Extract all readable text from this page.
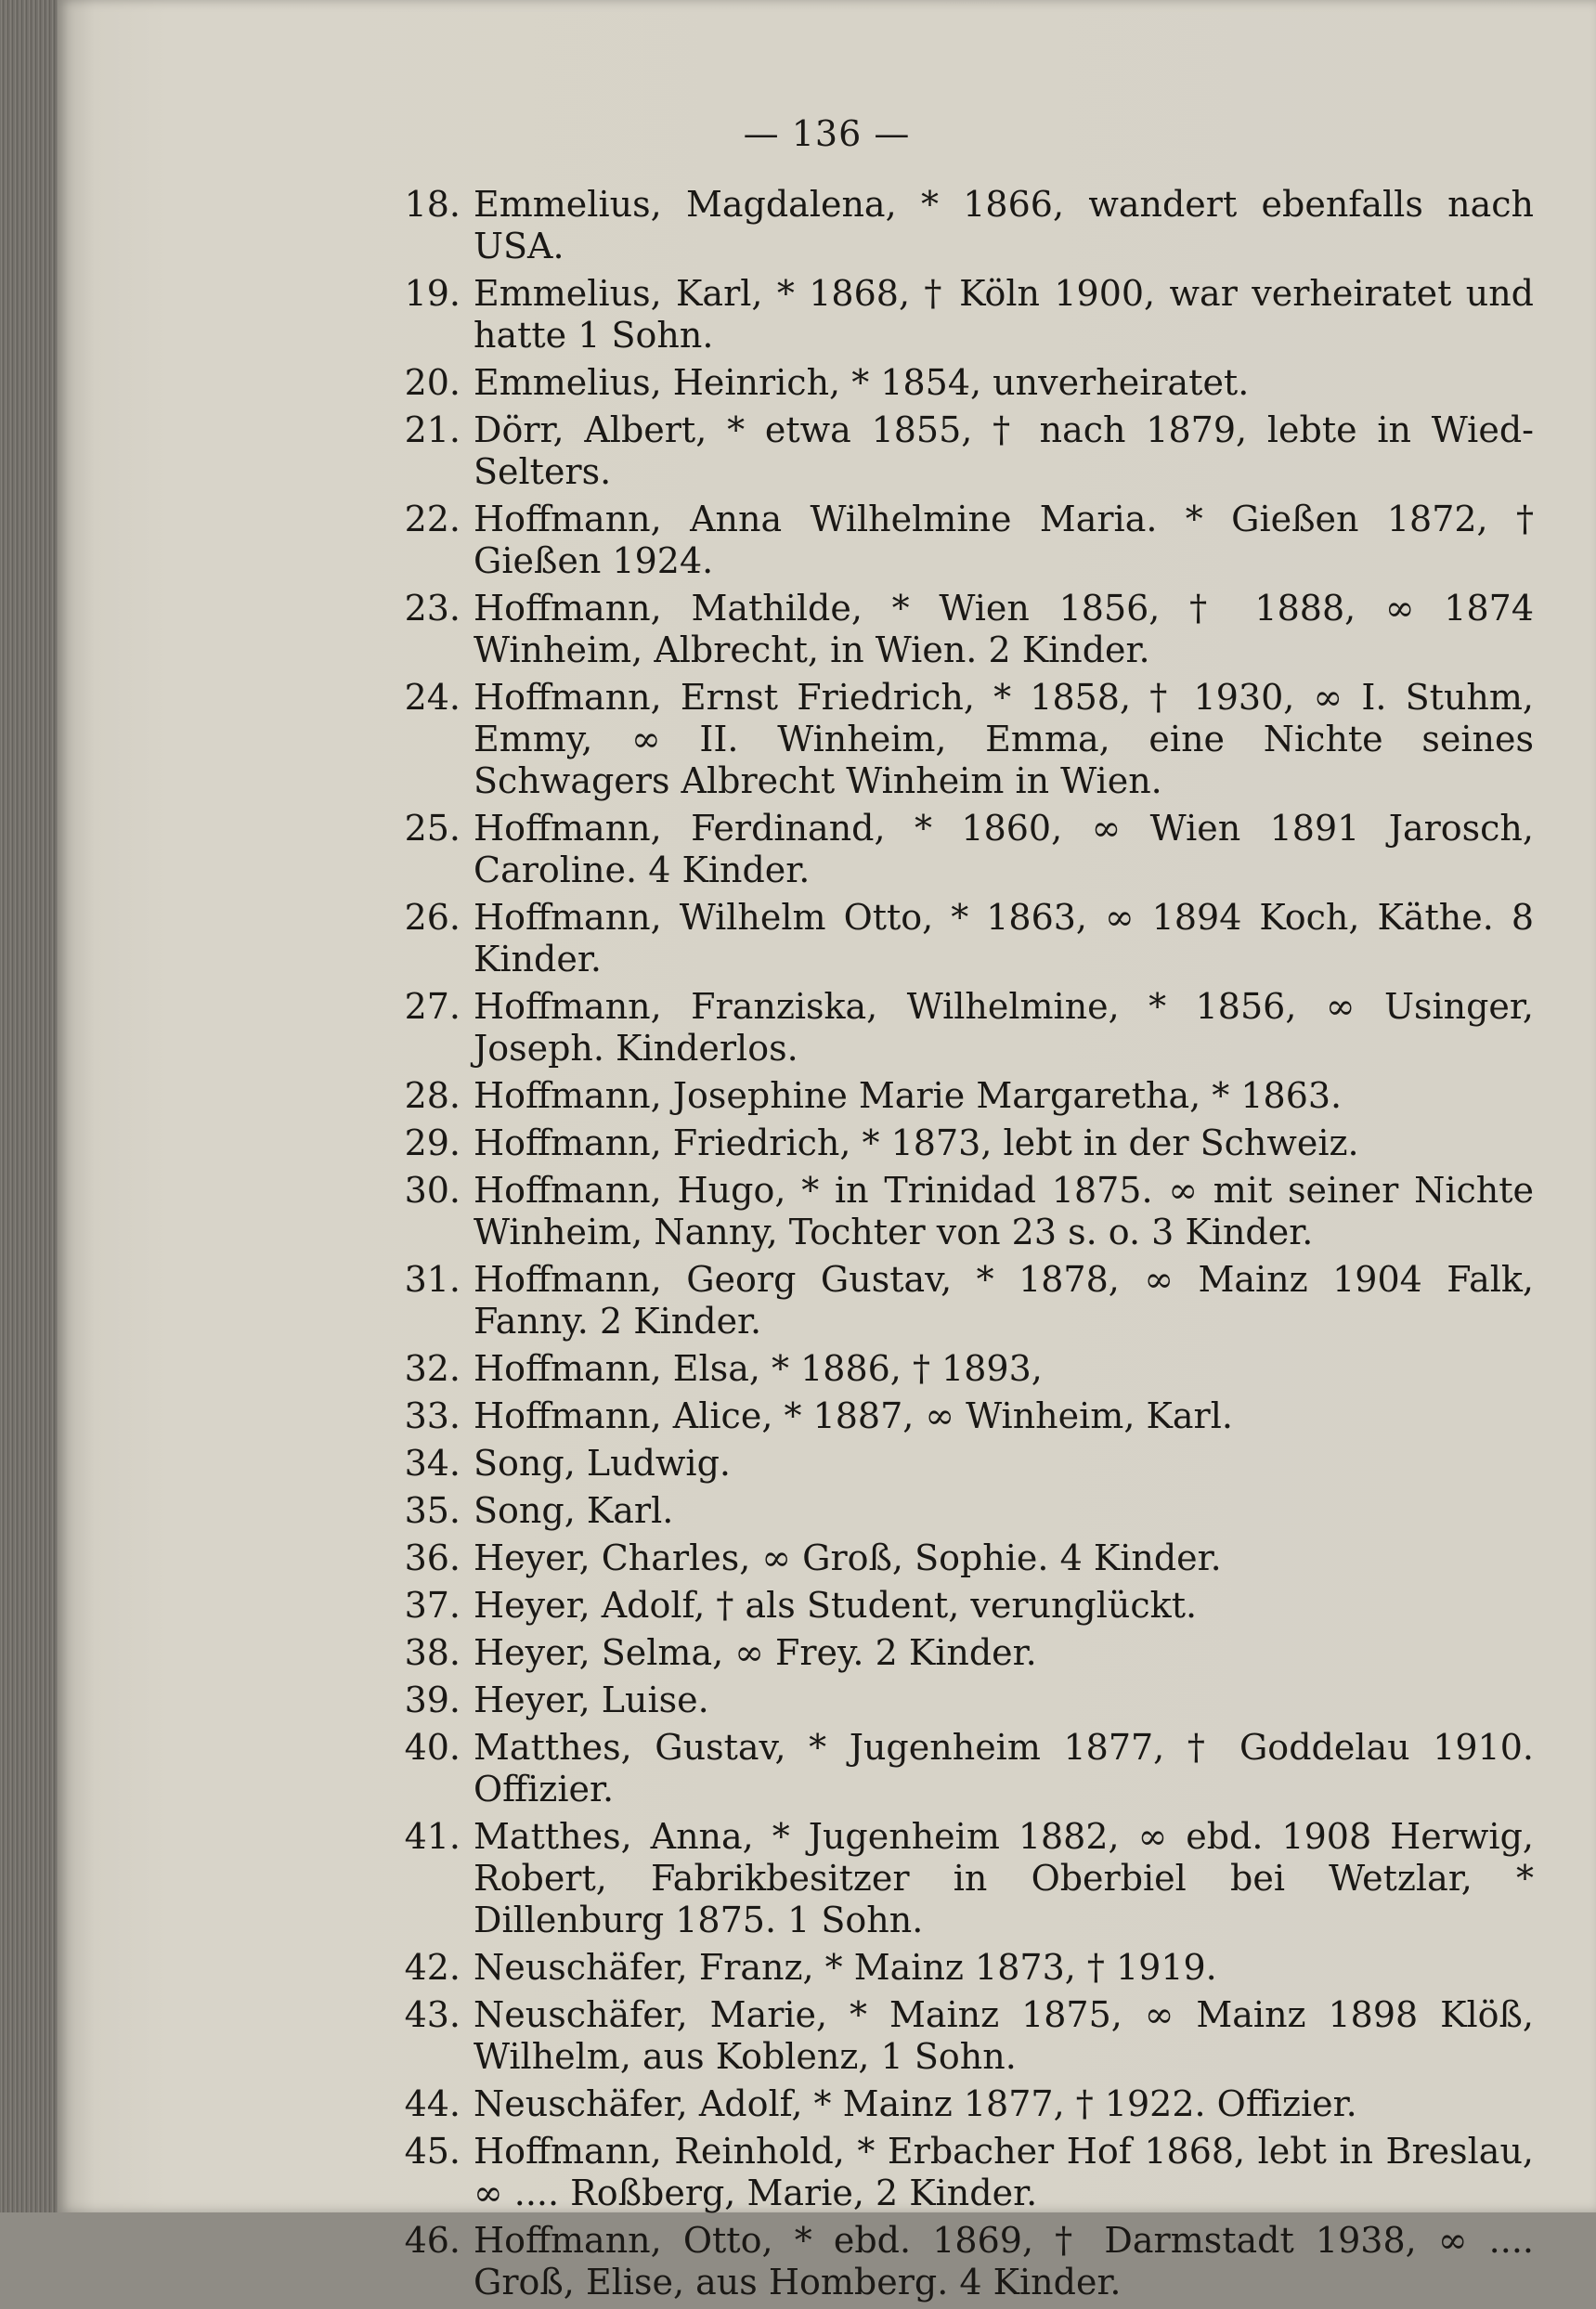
— 136 —
18. Emmelius, Magdalena, * 1866, wandert ebenfalls nach USA.
19. Emmelius, Karl, * 1868, † Köln 1900, war verheiratet und hatte 1 Sohn.
20. Emmelius, Heinrich, * 1854, unverheiratet.
21. Dörr, Albert, * etwa 1855, † nach 1879, lebte in Wied-Selters.
22. Hoffmann, Anna Wilhelmine Maria. * Gießen 1872, † Gießen 1924.
23. Hoffmann, Mathilde, * Wien 1856, † 1888, ∞ 1874 Winheim, Albrecht, in Wien. 2 Kinder.
24. Hoffmann, Ernst Friedrich, * 1858, † 1930, ∞ I. Stuhm, Emmy, ∞ II. Winheim, Emma, eine Nichte seines Schwagers Albrecht Winheim in Wien.
25. Hoffmann, Ferdinand, * 1860, ∞ Wien 1891 Jarosch, Caroline. 4 Kinder.
26. Hoffmann, Wilhelm Otto, * 1863, ∞ 1894 Koch, Käthe. 8 Kinder.
27. Hoffmann, Franziska, Wilhelmine, * 1856, ∞ Usinger, Joseph. Kinderlos.
28. Hoffmann, Josephine Marie Margaretha, * 1863.
29. Hoffmann, Friedrich, * 1873, lebt in der Schweiz.
30. Hoffmann, Hugo, * in Trinidad 1875. ∞ mit seiner Nichte Winheim, Nanny, Tochter von 23 s. o. 3 Kinder.
31. Hoffmann, Georg Gustav, * 1878, ∞ Mainz 1904 Falk, Fanny. 2 Kinder.
32. Hoffmann, Elsa, * 1886, † 1893,
33. Hoffmann, Alice, * 1887, ∞ Winheim, Karl.
34. Song, Ludwig.
35. Song, Karl.
36. Heyer, Charles, ∞ Groß, Sophie. 4 Kinder.
37. Heyer, Adolf, † als Student, verunglückt.
38. Heyer, Selma, ∞ Frey. 2 Kinder.
39. Heyer, Luise.
40. Matthes, Gustav, * Jugenheim 1877, † Goddelau 1910. Offizier.
41. Matthes, Anna, * Jugenheim 1882, ∞ ebd. 1908 Herwig, Robert, Fabrikbesitzer in Oberbiel bei Wetzlar, * Dillenburg 1875. 1 Sohn.
42. Neuschäfer, Franz, * Mainz 1873, † 1919.
43. Neuschäfer, Marie, * Mainz 1875, ∞ Mainz 1898 Klöß, Wilhelm, aus Koblenz, 1 Sohn.
44. Neuschäfer, Adolf, * Mainz 1877, † 1922. Offizier.
45. Hoffmann, Reinhold, * Erbacher Hof 1868, lebt in Breslau, ∞ .... Roßberg, Marie, 2 Kinder.
46. Hoffmann, Otto, * ebd. 1869, † Darmstadt 1938, ∞ .... Groß, Elise, aus Homberg. 4 Kinder.
